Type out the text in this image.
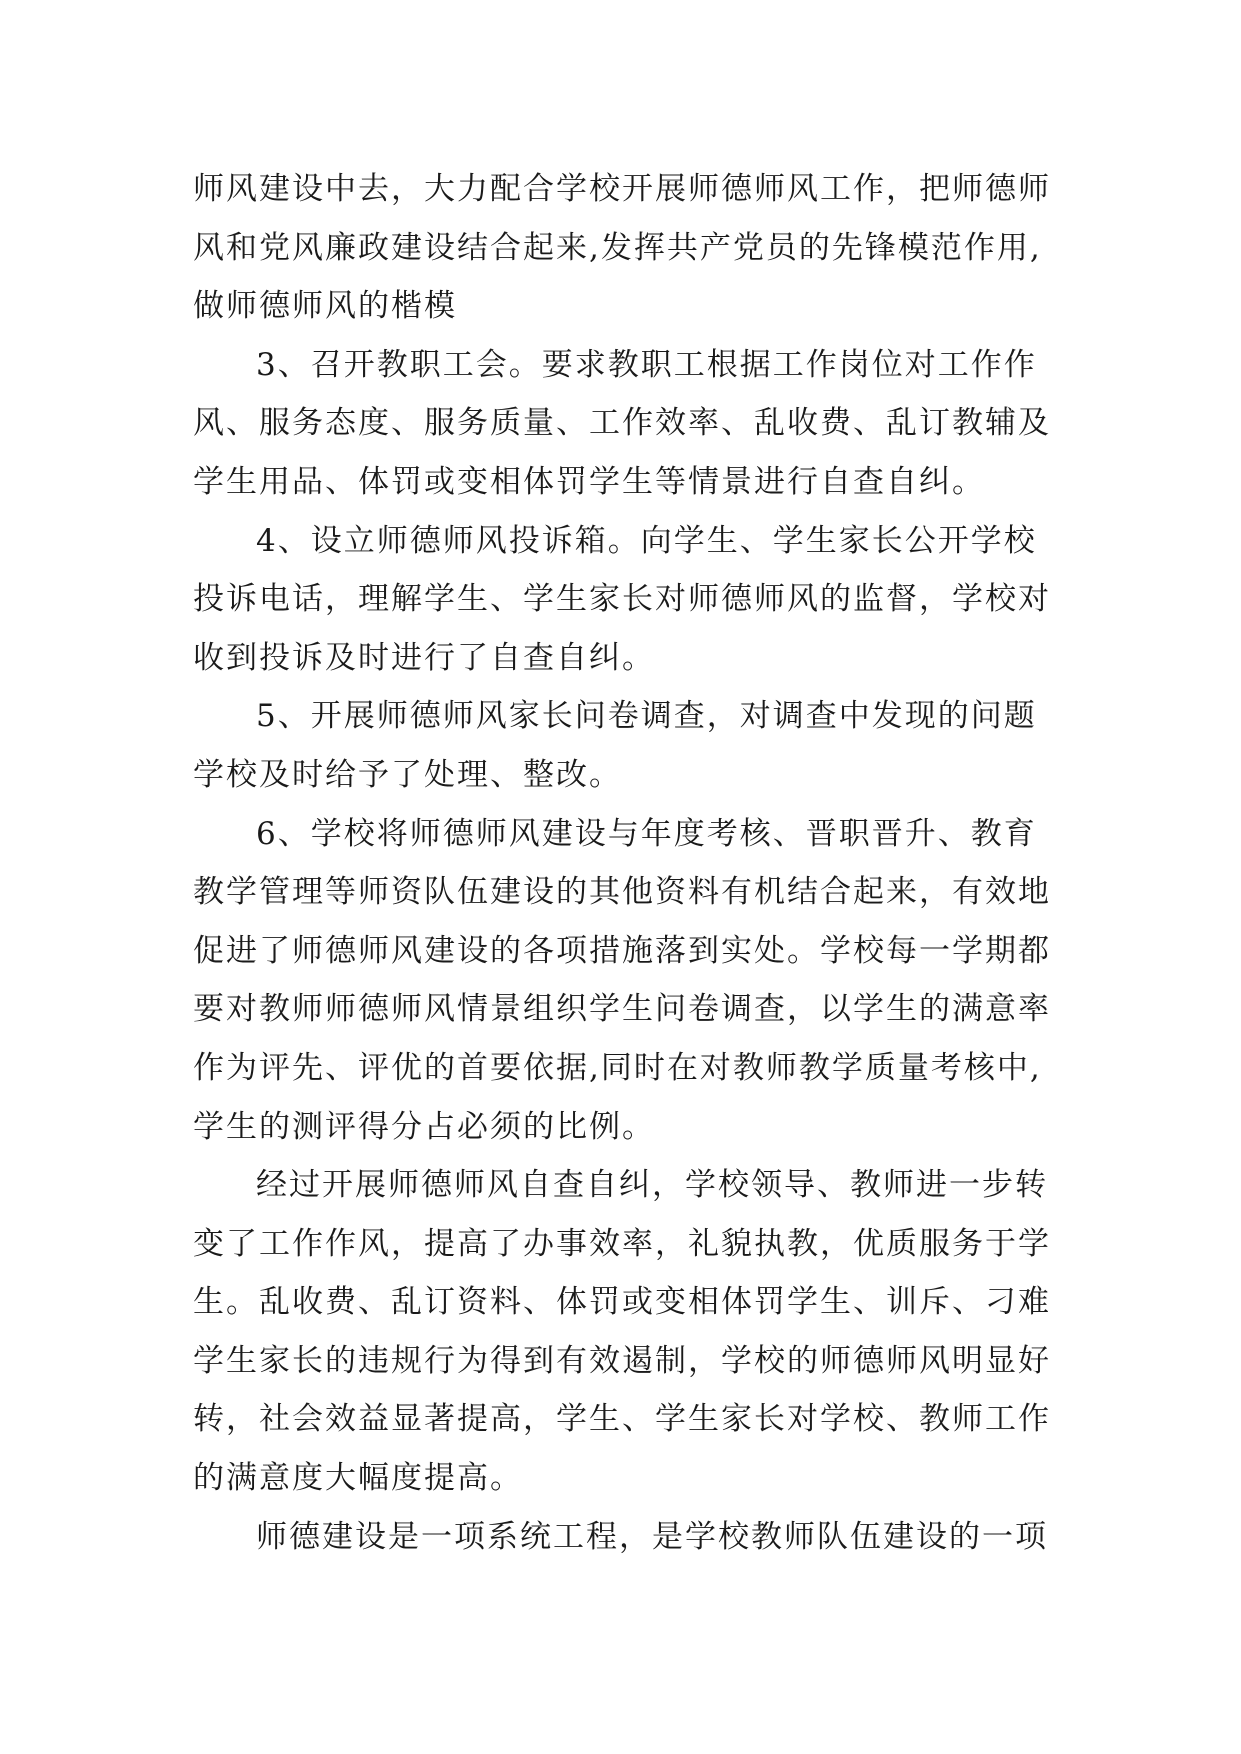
师风建设中去，大力配合学校开展师德师风工作，把师德师
风和党风廉政建设结合起来,发挥共产党员的先锋模范作用,
做师德师风的楷模
3、召开教职工会。要求教职工根据工作岗位对工作作
风、服务态度、服务质量、工作效率、乱收费、乱订教辅及
学生用品、体罚或变相体罚学生等情景进行自查自纠。
4、设立师德师风投诉箱。向学生、学生家长公开学校
投诉电话，理解学生、学生家长对师德师风的监督，学校对
收到投诉及时进行了自查自纠。
5、开展师德师风家长问卷调查，对调查中发现的问题
学校及时给予了处理、整改。
6、学校将师德师风建设与年度考核、晋职晋升、教育
教学管理等师资队伍建设的其他资料有机结合起来，有效地
促进了师德师风建设的各项措施落到实处。学校每一学期都
要对教师师德师风情景组织学生问卷调查，以学生的满意率
作为评先、评优的首要依据,同时在对教师教学质量考核中,
学生的测评得分占必须的比例。
经过开展师德师风自查自纠，学校领导、教师进一步转
变了工作作风，提高了办事效率，礼貌执教，优质服务于学
生。乱收费、乱订资料、体罚或变相体罚学生、训斥、刁难
学生家长的违规行为得到有效遏制，学校的师德师风明显好
转，社会效益显著提高，学生、学生家长对学校、教师工作
的满意度大幅度提高。
师德建设是一项系统工程，是学校教师队伍建设的一项
